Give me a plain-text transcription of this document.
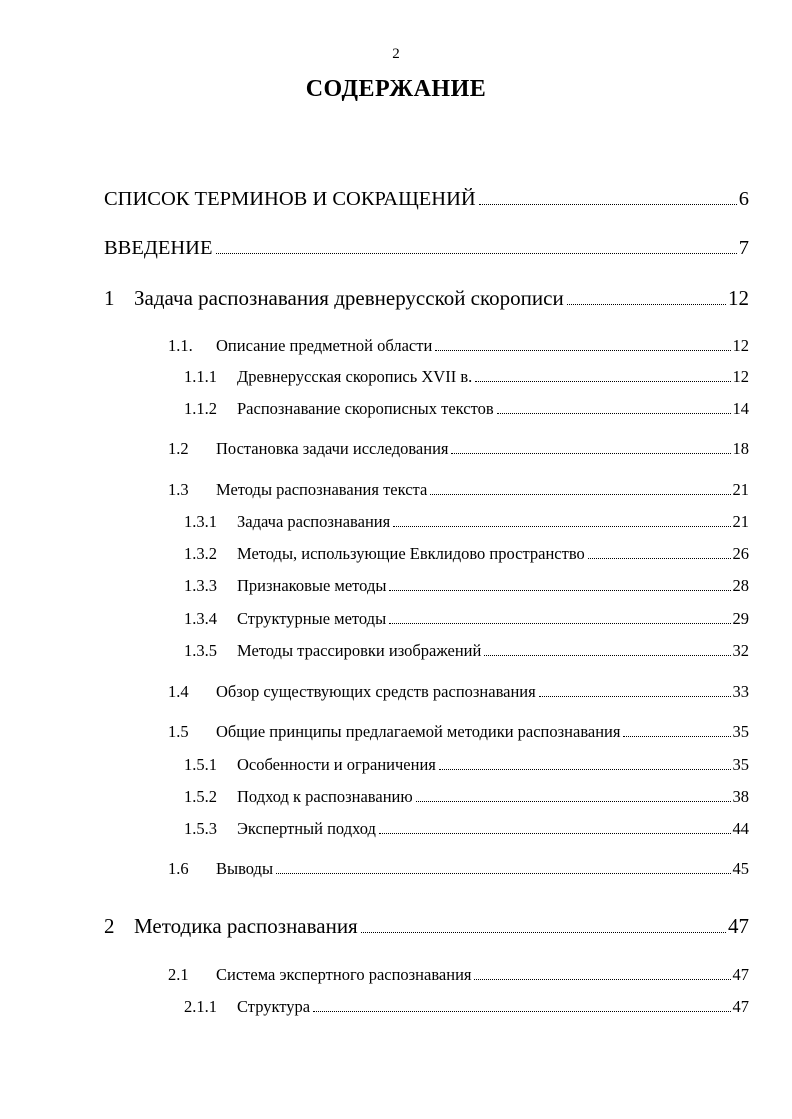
2
СОДЕРЖАНИЕ
СПИСОК ТЕРМИНОВ И СОКРАЩЕНИЙ	6
ВВЕДЕНИЕ	7
1 Задача распознавания древнерусской скорописи	12
1.1.	Описание предметной области	12
1.1.1	Древнерусская скоропись XVII в.	12
1.1.2	Распознавание скорописных текстов	14
1.2	Постановка задачи исследования	18
1.3	Методы распознавания текста	21
1.3.1	Задача распознавания	21
1.3.2	Методы, использующие Евклидово пространство	26
1.3.3	Признаковые методы	28
1.3.4	Структурные методы	29
1.3.5	Методы трассировки изображений	32
1.4	Обзор существующих средств распознавания	33
1.5	Общие принципы предлагаемой методики распознавания	35
1.5.1	Особенности и ограничения	35
1.5.2	Подход к распознаванию	38
1.5.3	Экспертный подход	44
1.6	Выводы	45
2 Методика распознавания	47
2.1	Система экспертного распознавания	47
2.1.1	Структура	47
